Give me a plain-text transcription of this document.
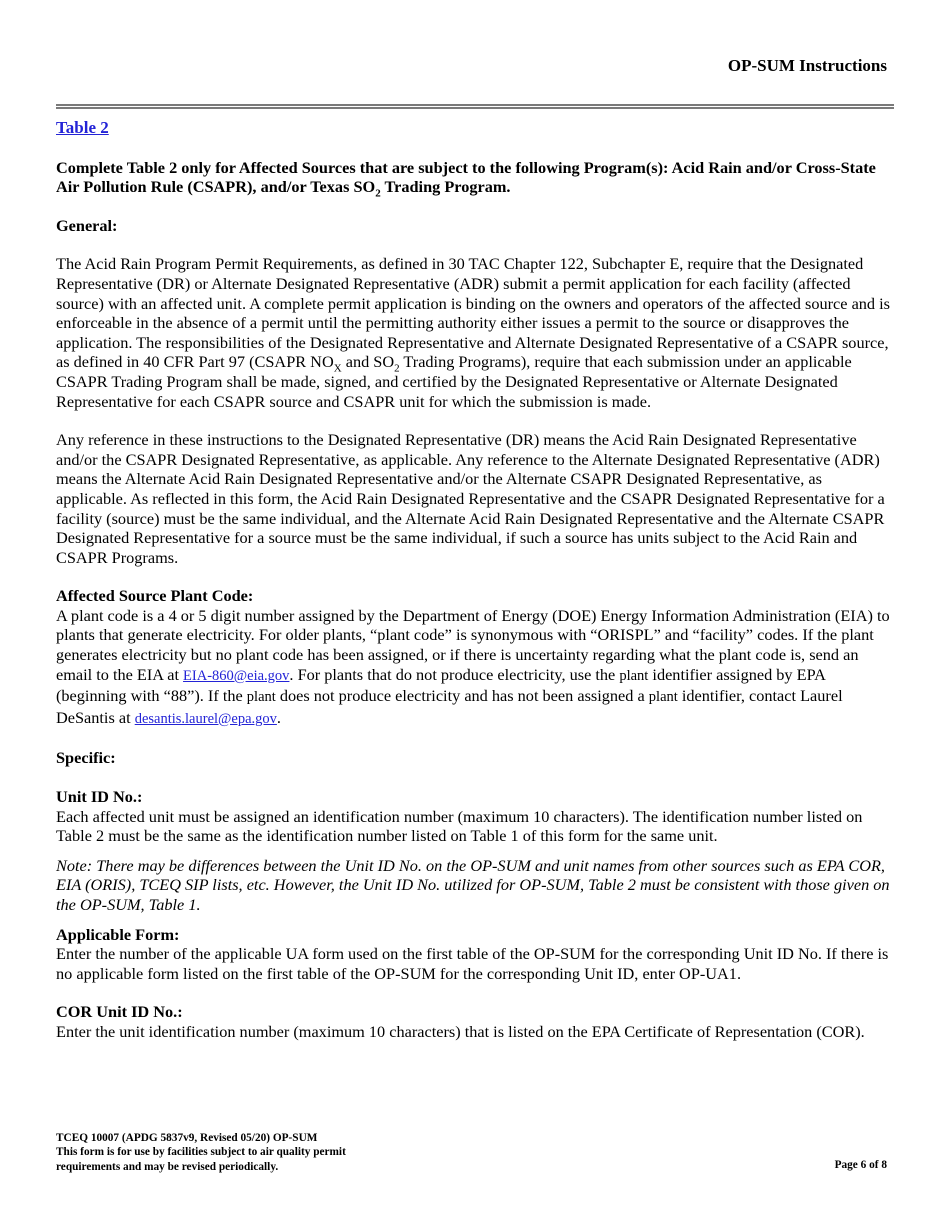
OP-SUM Instructions

Table 2

Complete Table 2 only for Affected Sources that are subject to the following Program(s): Acid Rain and/or Cross-State Air Pollution Rule (CSAPR), and/or Texas $SO_2$ Trading Program.

General:

The Acid Rain Program Permit Requirements, as defined in 30 TAC Chapter 122, Subchapter E, require that the Designated Representative (DR) or Alternate Designated Representative (ADR) submit a permit application for each facility (affected source) with an affected unit. A complete permit application is binding on the owners and operators of the affected source and is enforceable in the absence of a permit until the permitting authority either issues a permit to the source or disapproves the application. The responsibilities of the Designated Representative and Alternate Designated Representative of a CSAPR source, as defined in 40 CFR Part 97 (CSAPR $NO_X$ and $SO_2$ Trading Programs), require that each submission under an applicable CSAPR Trading Program shall be made, signed, and certified by the Designated Representative or Alternate Designated Representative for each CSAPR source and CSAPR unit for which the submission is made.

Any reference in these instructions to the Designated Representative (DR) means the Acid Rain Designated Representative and/or the CSAPR Designated Representative, as applicable. Any reference to the Alternate Designated Representative (ADR) means the Alternate Acid Rain Designated Representative and/or the Alternate CSAPR Designated Representative, as applicable. As reflected in this form, the Acid Rain Designated Representative and the CSAPR Designated Representative for a facility (source) must be the same individual, and the Alternate Acid Rain Designated Representative and the Alternate CSAPR Designated Representative for a source must be the same individual, if such a source has units subject to the Acid Rain and CSAPR Programs.

Affected Source Plant Code:

A plant code is a 4 or 5 digit number assigned by the Department of Energy (DOE) Energy Information Administration (EIA) to plants that generate electricity. For older plants, “plant code” is synonymous with “ORISPL” and “facility” codes. If the plant generates electricity but no plant code has been assigned, or if there is uncertainty regarding what the plant code is, send an email to the EIA at EIA-860@eia.gov. For plants that do not produce electricity, use the plant identifier assigned by EPA (beginning with “88”). If the plant does not produce electricity and has not been assigned a plant identifier, contact Laurel DeSantis at desantis.laurel@epa.gov.

Specific:

Unit ID No.:

Each affected unit must be assigned an identification number (maximum 10 characters). The identification number listed on Table 2 must be the same as the identification number listed on Table 1 of this form for the same unit.

Note: There may be differences between the Unit ID No. on the OP-SUM and unit names from other sources such as EPA COR, EIA (ORIS), TCEQ SIP lists, etc. However, the Unit ID No. utilized for OP-SUM, Table 2 must be consistent with those given on the OP-SUM, Table 1.

Applicable Form:

Enter the number of the applicable UA form used on the first table of the OP-SUM for the corresponding Unit ID No. If there is no applicable form listed on the first table of the OP-SUM for the corresponding Unit ID, enter OP-UA1.

COR Unit ID No.:

Enter the unit identification number (maximum 10 characters) that is listed on the EPA Certificate of Representation (COR).

TCEQ 10007 (APDG 5837v9, Revised 05/20) OP-SUM
This form is for use by facilities subject to air quality permit
requirements and may be revised periodically.	Page 6 of 8
